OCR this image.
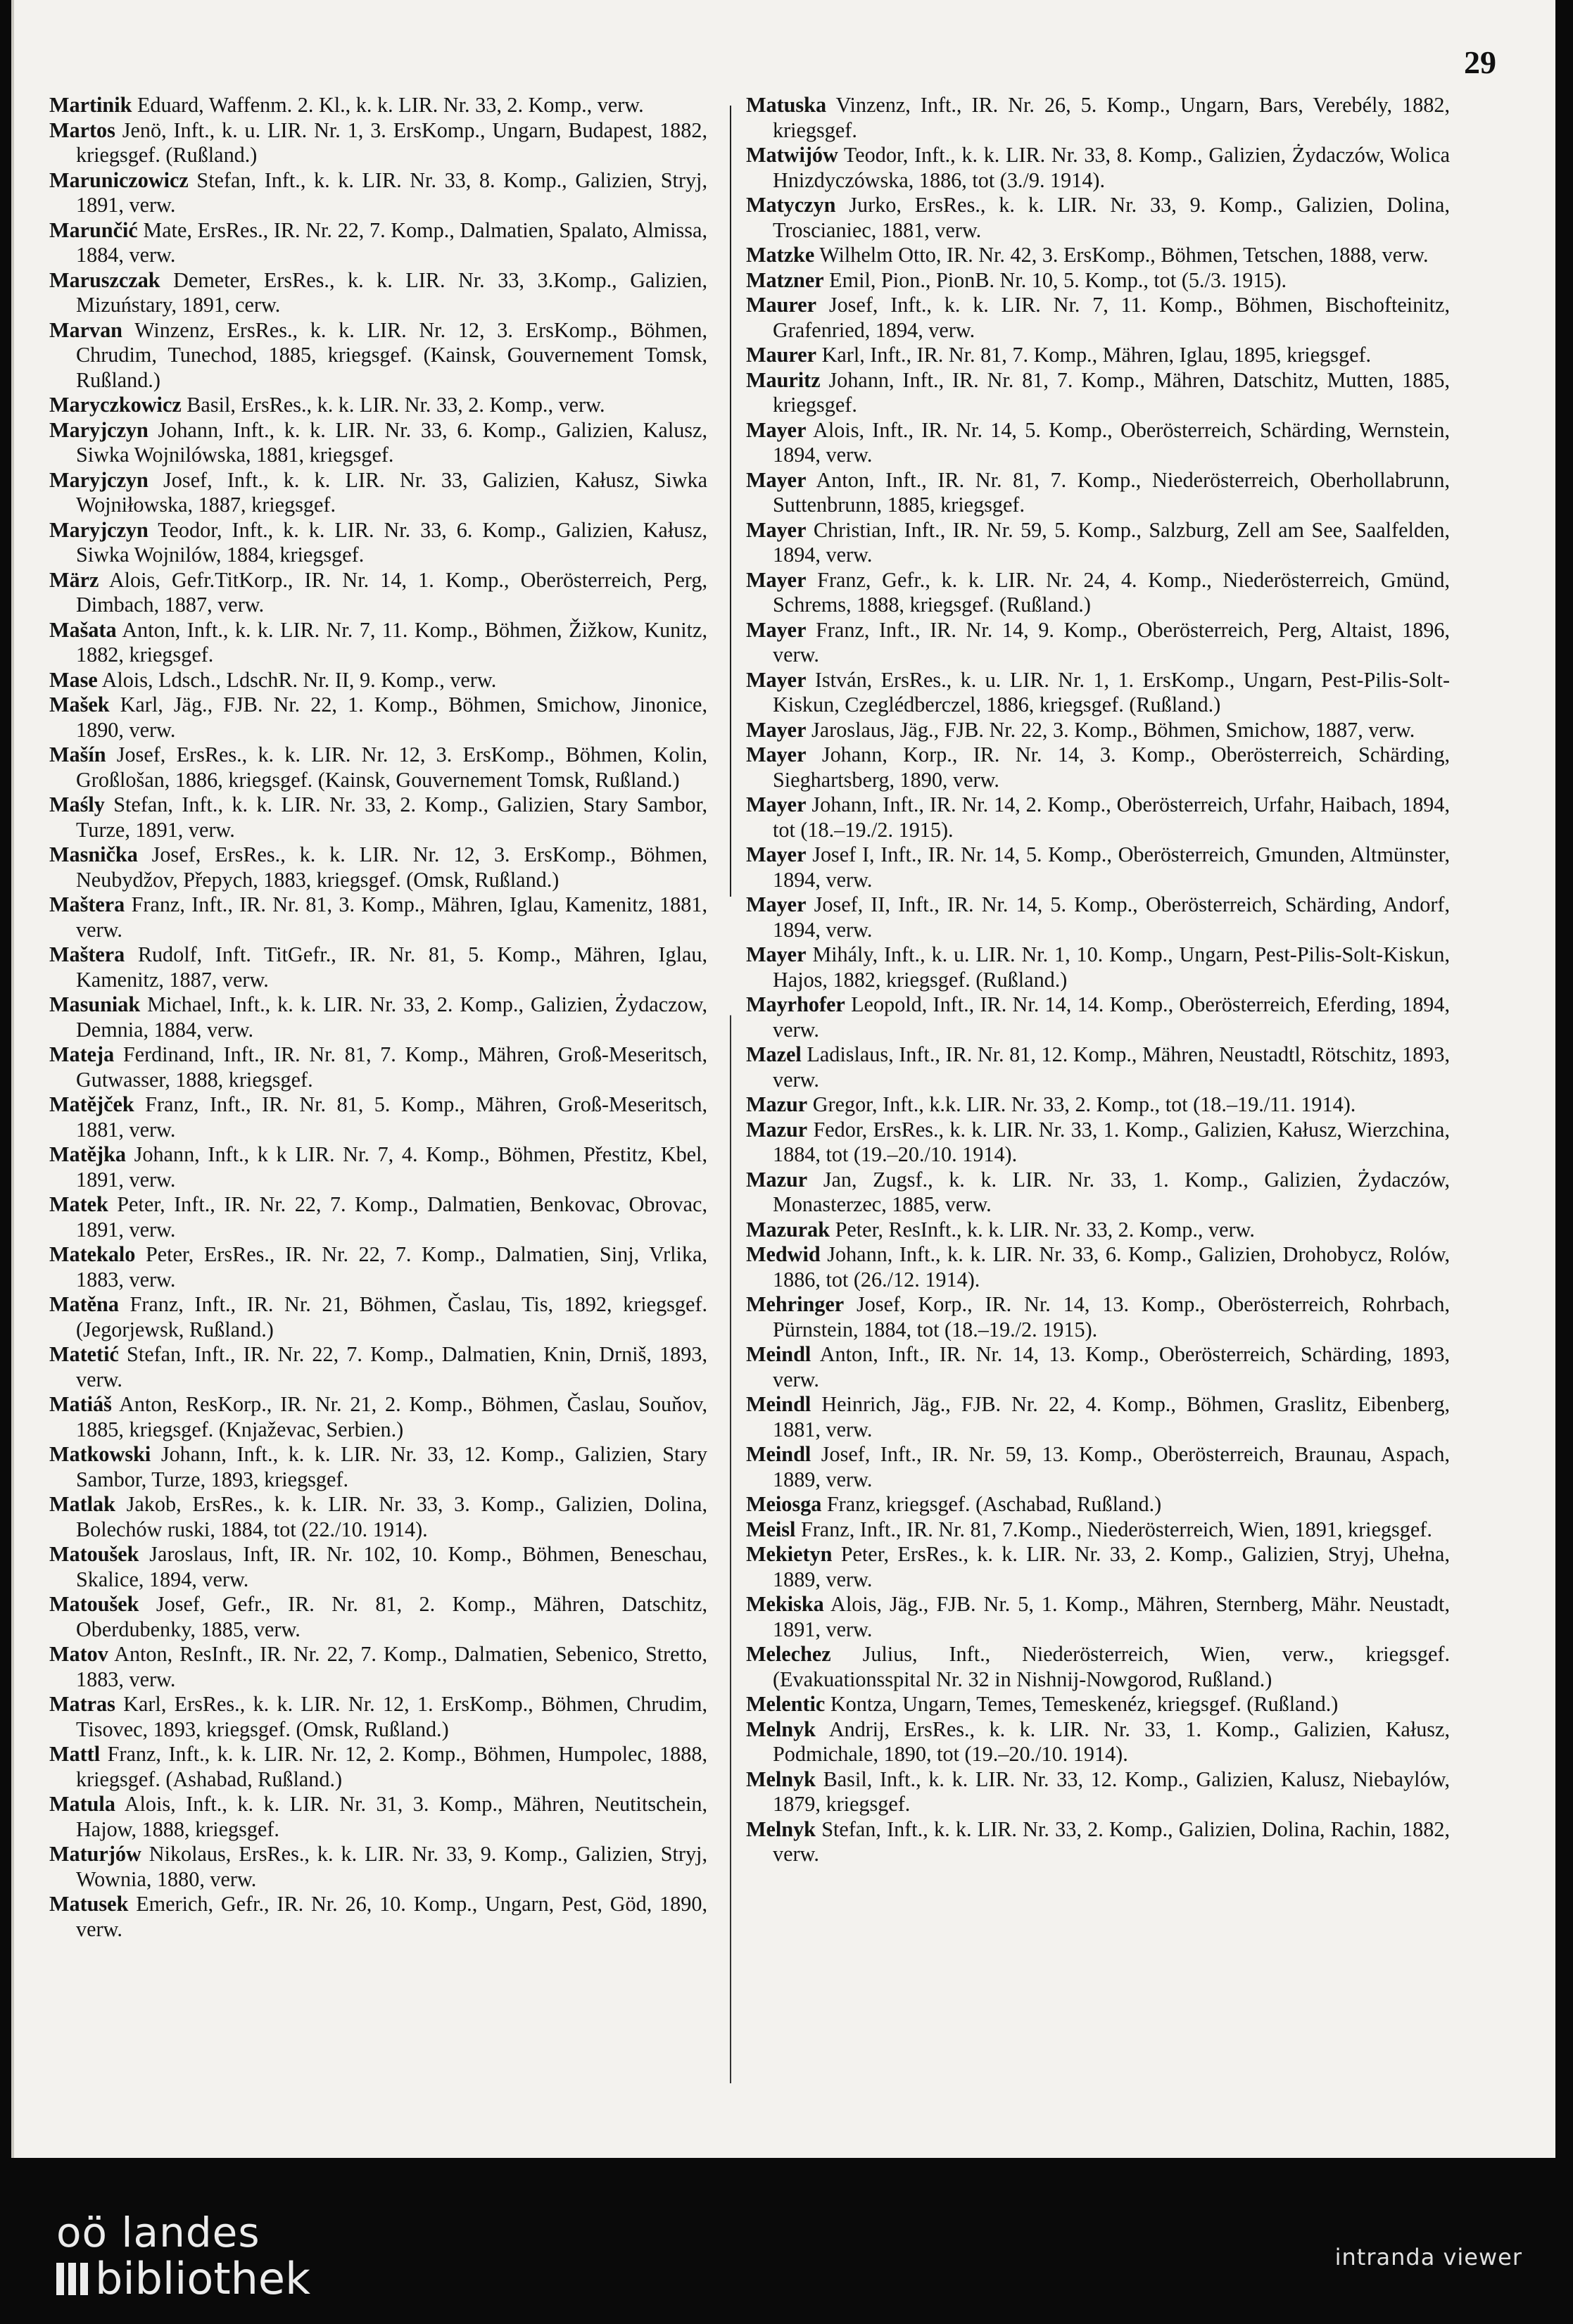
29

Martinik Eduard, Waffenm. 2. Kl., k. k. LIR. Nr. 33, 2. Komp., verw.

Martos Jenö, Inft., k. u. LIR. Nr. 1, 3. ErsKomp., Ungarn, Budapest, 1882, kriegsgef. (Rußland.)

Maruniczowicz Stefan, Inft., k. k. LIR. Nr. 33, 8. Komp., Galizien, Stryj, 1891, verw.

Marunčić Mate, ErsRes., IR. Nr. 22, 7. Komp., Dalmatien, Spalato, Almissa, 1884, verw.

Maruszczak Demeter, ErsRes., k. k. LIR. Nr. 33, 3.Komp., Galizien, Mizuństary, 1891, cerw.

Marvan Winzenz, ErsRes., k. k. LIR. Nr. 12, 3. ErsKomp., Böhmen, Chrudim, Tunechod, 1885, kriegsgef. (Kainsk, Gouvernement Tomsk, Rußland.)

Maryczkowicz Basil, ErsRes., k. k. LIR. Nr. 33, 2. Komp., verw.

Maryjczyn Johann, Inft., k. k. LIR. Nr. 33, 6. Komp., Galizien, Kalusz, Siwka Wojnilówska, 1881, kriegsgef.

Maryjczyn Josef, Inft., k. k. LIR. Nr. 33, Galizien, Kałusz, Siwka Wojniłowska, 1887, kriegsgef.

Maryjczyn Teodor, Inft., k. k. LIR. Nr. 33, 6. Komp., Galizien, Kałusz, Siwka Wojnilów, 1884, kriegsgef.

März Alois, Gefr.TitKorp., IR. Nr. 14, 1. Komp., Oberösterreich, Perg, Dimbach, 1887, verw.

Mašata Anton, Inft., k. k. LIR. Nr. 7, 11. Komp., Böhmen, Žižkow, Kunitz, 1882, kriegsgef.

Mase Alois, Ldsch., LdschR. Nr. II, 9. Komp., verw.

Mašek Karl, Jäg., FJB. Nr. 22, 1. Komp., Böhmen, Smichow, Jinonice, 1890, verw.

Mašín Josef, ErsRes., k. k. LIR. Nr. 12, 3. ErsKomp., Böhmen, Kolin, Großlošan, 1886, kriegsgef. (Kainsk, Gouvernement Tomsk, Rußland.)

Maśly Stefan, Inft., k. k. LIR. Nr. 33, 2. Komp., Galizien, Stary Sambor, Turze, 1891, verw.

Masnička Josef, ErsRes., k. k. LIR. Nr. 12, 3. ErsKomp., Böhmen, Neubydžov, Přepych, 1883, kriegsgef. (Omsk, Rußland.)

Maštera Franz, Inft., IR. Nr. 81, 3. Komp., Mähren, Iglau, Kamenitz, 1881, verw.

Maštera Rudolf, Inft. TitGefr., IR. Nr. 81, 5. Komp., Mähren, Iglau, Kamenitz, 1887, verw.

Masuniak Michael, Inft., k. k. LIR. Nr. 33, 2. Komp., Galizien, Żydaczow, Demnia, 1884, verw.

Mateja Ferdinand, Inft., IR. Nr. 81, 7. Komp., Mähren, Groß-Meseritsch, Gutwasser, 1888, kriegsgef.

Matějček Franz, Inft., IR. Nr. 81, 5. Komp., Mähren, Groß-Meseritsch, 1881, verw.

Matějka Johann, Inft., k k LIR. Nr. 7, 4. Komp., Böhmen, Přestitz, Kbel, 1891, verw.

Matek Peter, Inft., IR. Nr. 22, 7. Komp., Dalmatien, Benkovac, Obrovac, 1891, verw.

Matekalo Peter, ErsRes., IR. Nr. 22, 7. Komp., Dalmatien, Sinj, Vrlika, 1883, verw.

Matěna Franz, Inft., IR. Nr. 21, Böhmen, Časlau, Tis, 1892, kriegsgef. (Jegorjewsk, Rußland.)

Matetić Stefan, Inft., IR. Nr. 22, 7. Komp., Dalmatien, Knin, Drniš, 1893, verw.

Matiáš Anton, ResKorp., IR. Nr. 21, 2. Komp., Böhmen, Časlau, Souňov, 1885, kriegsgef. (Knjaževac, Serbien.)

Matkowski Johann, Inft., k. k. LIR. Nr. 33, 12. Komp., Galizien, Stary Sambor, Turze, 1893, kriegsgef.

Matlak Jakob, ErsRes., k. k. LIR. Nr. 33, 3. Komp., Galizien, Dolina, Bolechów ruski, 1884, tot (22./10. 1914).

Matoušek Jaroslaus, Inft, IR. Nr. 102, 10. Komp., Böhmen, Beneschau, Skalice, 1894, verw.

Matoušek Josef, Gefr., IR. Nr. 81, 2. Komp., Mähren, Datschitz, Oberdubenky, 1885, verw.

Matov Anton, ResInft., IR. Nr. 22, 7. Komp., Dalmatien, Sebenico, Stretto, 1883, verw.

Matras Karl, ErsRes., k. k. LIR. Nr. 12, 1. ErsKomp., Böhmen, Chrudim, Tisovec, 1893, kriegsgef. (Omsk, Rußland.)

Mattl Franz, Inft., k. k. LIR. Nr. 12, 2. Komp., Böhmen, Humpolec, 1888, kriegsgef. (Ashabad, Rußland.)

Matula Alois, Inft., k. k. LIR. Nr. 31, 3. Komp., Mähren, Neutitschein, Hajow, 1888, kriegsgef.

Maturjów Nikolaus, ErsRes., k. k. LIR. Nr. 33, 9. Komp., Galizien, Stryj, Wownia, 1880, verw.

Matusek Emerich, Gefr., IR. Nr. 26, 10. Komp., Ungarn, Pest, Göd, 1890, verw.

Matuska Vinzenz, Inft., IR. Nr. 26, 5. Komp., Ungarn, Bars, Verebély, 1882, kriegsgef.

Matwijów Teodor, Inft., k. k. LIR. Nr. 33, 8. Komp., Galizien, Żydaczów, Wolica Hnizdyczówska, 1886, tot (3./9. 1914).

Matyczyn Jurko, ErsRes., k. k. LIR. Nr. 33, 9. Komp., Galizien, Dolina, Troscianiec, 1881, verw.

Matzke Wilhelm Otto, IR. Nr. 42, 3. ErsKomp., Böhmen, Tetschen, 1888, verw.

Matzner Emil, Pion., PionB. Nr. 10, 5. Komp., tot (5./3. 1915).

Maurer Josef, Inft., k. k. LIR. Nr. 7, 11. Komp., Böhmen, Bischofteinitz, Grafenried, 1894, verw.

Maurer Karl, Inft., IR. Nr. 81, 7. Komp., Mähren, Iglau, 1895, kriegsgef.

Mauritz Johann, Inft., IR. Nr. 81, 7. Komp., Mähren, Datschitz, Mutten, 1885, kriegsgef.

Mayer Alois, Inft., IR. Nr. 14, 5. Komp., Oberösterreich, Schärding, Wernstein, 1894, verw.

Mayer Anton, Inft., IR. Nr. 81, 7. Komp., Niederösterreich, Oberhollabrunn, Suttenbrunn, 1885, kriegsgef.

Mayer Christian, Inft., IR. Nr. 59, 5. Komp., Salzburg, Zell am See, Saalfelden, 1894, verw.

Mayer Franz, Gefr., k. k. LIR. Nr. 24, 4. Komp., Niederösterreich, Gmünd, Schrems, 1888, kriegsgef. (Rußland.)

Mayer Franz, Inft., IR. Nr. 14, 9. Komp., Oberösterreich, Perg, Altaist, 1896, verw.

Mayer István, ErsRes., k. u. LIR. Nr. 1, 1. ErsKomp., Ungarn, Pest-Pilis-Solt-Kiskun, Czeglédberczel, 1886, kriegsgef. (Rußland.)

Mayer Jaroslaus, Jäg., FJB. Nr. 22, 3. Komp., Böhmen, Smichow, 1887, verw.

Mayer Johann, Korp., IR. Nr. 14, 3. Komp., Oberösterreich, Schärding, Sieghartsberg, 1890, verw.

Mayer Johann, Inft., IR. Nr. 14, 2. Komp., Oberösterreich, Urfahr, Haibach, 1894, tot (18.–19./2. 1915).

Mayer Josef I, Inft., IR. Nr. 14, 5. Komp., Oberösterreich, Gmunden, Altmünster, 1894, verw.

Mayer Josef, II, Inft., IR. Nr. 14, 5. Komp., Oberösterreich, Schärding, Andorf, 1894, verw.

Mayer Mihály, Inft., k. u. LIR. Nr. 1, 10. Komp., Ungarn, Pest-Pilis-Solt-Kiskun, Hajos, 1882, kriegsgef. (Rußland.)

Mayrhofer Leopold, Inft., IR. Nr. 14, 14. Komp., Oberösterreich, Eferding, 1894, verw.

Mazel Ladislaus, Inft., IR. Nr. 81, 12. Komp., Mähren, Neustadtl, Rötschitz, 1893, verw.

Mazur Gregor, Inft., k.k. LIR. Nr. 33, 2. Komp., tot (18.–19./11. 1914).

Mazur Fedor, ErsRes., k. k. LIR. Nr. 33, 1. Komp., Galizien, Kałusz, Wierzchina, 1884, tot (19.–20./10. 1914).

Mazur Jan, Zugsf., k. k. LIR. Nr. 33, 1. Komp., Galizien, Żydaczów, Monasterzec, 1885, verw.

Mazurak Peter, ResInft., k. k. LIR. Nr. 33, 2. Komp., verw.

Medwid Johann, Inft., k. k. LIR. Nr. 33, 6. Komp., Galizien, Drohobycz, Rolów, 1886, tot (26./12. 1914).

Mehringer Josef, Korp., IR. Nr. 14, 13. Komp., Oberösterreich, Rohrbach, Pürnstein, 1884, tot (18.–19./2. 1915).

Meindl Anton, Inft., IR. Nr. 14, 13. Komp., Oberösterreich, Schärding, 1893, verw.

Meindl Heinrich, Jäg., FJB. Nr. 22, 4. Komp., Böhmen, Graslitz, Eibenberg, 1881, verw.

Meindl Josef, Inft., IR. Nr. 59, 13. Komp., Oberösterreich, Braunau, Aspach, 1889, verw.

Meiosga Franz, kriegsgef. (Aschabad, Rußland.)

Meisl Franz, Inft., IR. Nr. 81, 7.Komp., Niederösterreich, Wien, 1891, kriegsgef.

Mekietyn Peter, ErsRes., k. k. LIR. Nr. 33, 2. Komp., Galizien, Stryj, Uhełna, 1889, verw.

Mekiska Alois, Jäg., FJB. Nr. 5, 1. Komp., Mähren, Sternberg, Mähr. Neustadt, 1891, verw.

Melechez Julius, Inft., Niederösterreich, Wien, verw., kriegsgef. (Evakuationsspital Nr. 32 in Nishnij-Nowgorod, Rußland.)

Melentic Kontza, Ungarn, Temes, Temeskenéz, kriegsgef. (Rußland.)

Melnyk Andrij, ErsRes., k. k. LIR. Nr. 33, 1. Komp., Galizien, Kałusz, Podmichale, 1890, tot (19.–20./10. 1914).

Melnyk Basil, Inft., k. k. LIR. Nr. 33, 12. Komp., Galizien, Kalusz, Niebaylów, 1879, kriegsgef.

Melnyk Stefan, Inft., k. k. LIR. Nr. 33, 2. Komp., Galizien, Dolina, Rachin, 1882, verw.

oö landes
bibliothek	intranda viewer
